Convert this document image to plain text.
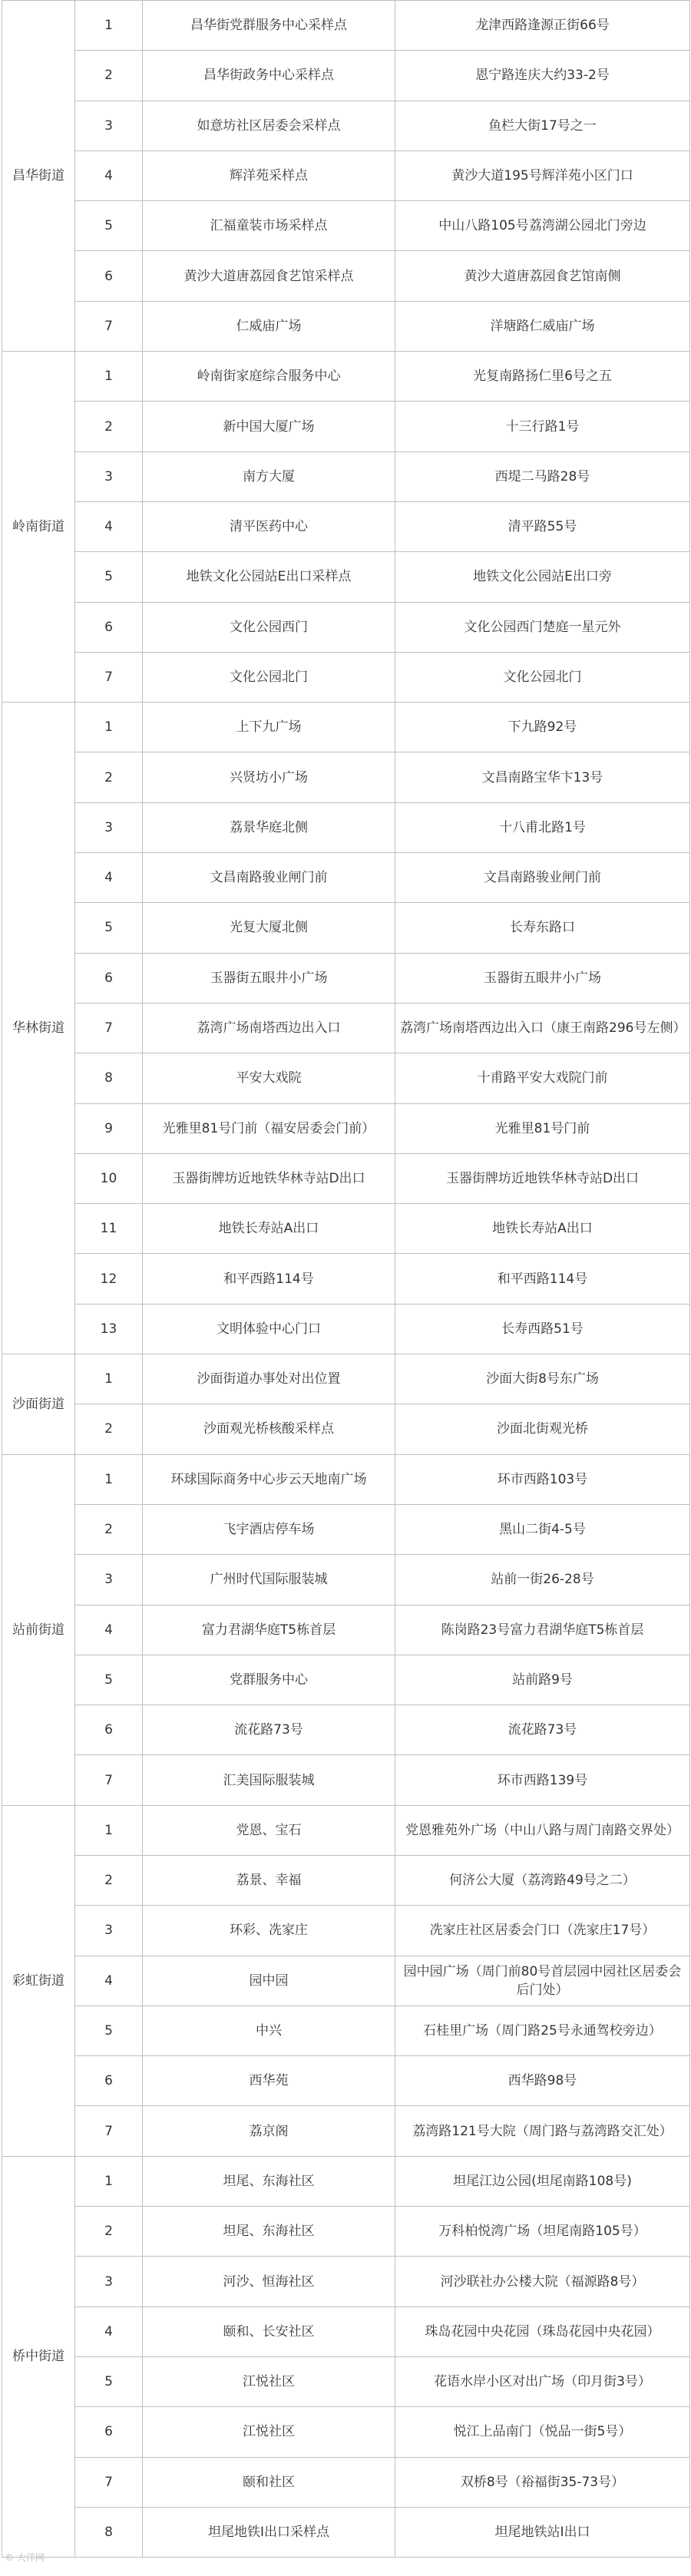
昌华街道	1	昌华街党群服务中心采样点	龙津西路逢源正街66号
	2	昌华街政务中心采样点	恩宁路连庆大约33-2号
	3	如意坊社区居委会采样点	鱼栏大街17号之一
	4	辉洋苑采样点	黄沙大道195号辉洋苑小区门口
	5	汇福童装市场采样点	中山八路105号荔湾湖公园北门旁边
	6	黄沙大道唐荔园食艺馆采样点	黄沙大道唐荔园食艺馆南侧
	7	仁威庙广场	洋塘路仁威庙广场
岭南街道	1	岭南街家庭综合服务中心	光复南路扬仁里6号之五
	2	新中国大厦广场	十三行路1号
	3	南方大厦	西堤二马路28号
	4	清平医药中心	清平路55号
	5	地铁文化公园站E出口采样点	地铁文化公园站E出口旁
	6	文化公园西门	文化公园西门楚庭一星元外
	7	文化公园北门	文化公园北门
华林街道	1	上下九广场	下九路92号
	2	兴贤坊小广场	文昌南路宝华卞13号
	3	荔景华庭北侧	十八甫北路1号
	4	文昌南路骏业闸门前	文昌南路骏业闸门前
	5	光复大厦北侧	长寿东路口
	6	玉器街五眼井小广场	玉器街五眼井小广场
	7	荔湾广场南塔西边出入口	荔湾广场南塔西边出入口（康王南路296号左侧）
	8	平安大戏院	十甫路平安大戏院门前
	9	光雅里81号门前（福安居委会门前）	光雅里81号门前
	10	玉器街牌坊近地铁华林寺站D出口	玉器街牌坊近地铁华林寺站D出口
	11	地铁长寿站A出口	地铁长寿站A出口
	12	和平西路114号	和平西路114号
	13	文明体验中心门口	长寿西路51号
沙面街道	1	沙面街道办事处对出位置	沙面大街8号东广场
	2	沙面观光桥核酸采样点	沙面北街观光桥
站前街道	1	环球国际商务中心步云天地南广场	环市西路103号
	2	飞宇酒店停车场	黑山二街4-5号
	3	广州时代国际服装城	站前一街26-28号
	4	富力君湖华庭T5栋首层	陈岗路23号富力君湖华庭T5栋首层
	5	党群服务中心	站前路9号
	6	流花路73号	流花路73号
	7	汇美国际服装城	环市西路139号
彩虹街道	1	党恩、宝石	党恩雅苑外广场（中山八路与周门南路交界处）
	2	荔景、幸福	何济公大厦（荔湾路49号之二）
	3	环彩、冼家庄	冼家庄社区居委会门口（冼家庄17号）
	4	园中园	园中园广场（周门前80号首层园中园社区居委会后门处）
	5	中兴	石桂里广场（周门路25号永通驾校旁边）
	6	西华苑	西华路98号
	7	荔京阁	荔湾路121号大院（周门路与荔湾路交汇处）
桥中街道	1	坦尾、东海社区	坦尾江边公园(坦尾南路108号)
	2	坦尾、东海社区	万科柏悦湾广场（坦尾南路105号）
	3	河沙、恒海社区	河沙联社办公楼大院（福源路8号）
	4	颐和、长安社区	珠岛花园中央花园（珠岛花园中央花园）
	5	江悦社区	花语水岸小区对出广场（印月街3号）
	6	江悦社区	悦江上品南门（悦品一街5号）
	7	颐和社区	双桥8号（裕福街35-73号）
	8	坦尾地铁I出口采样点	坦尾地铁站I出口
© 大洋网
